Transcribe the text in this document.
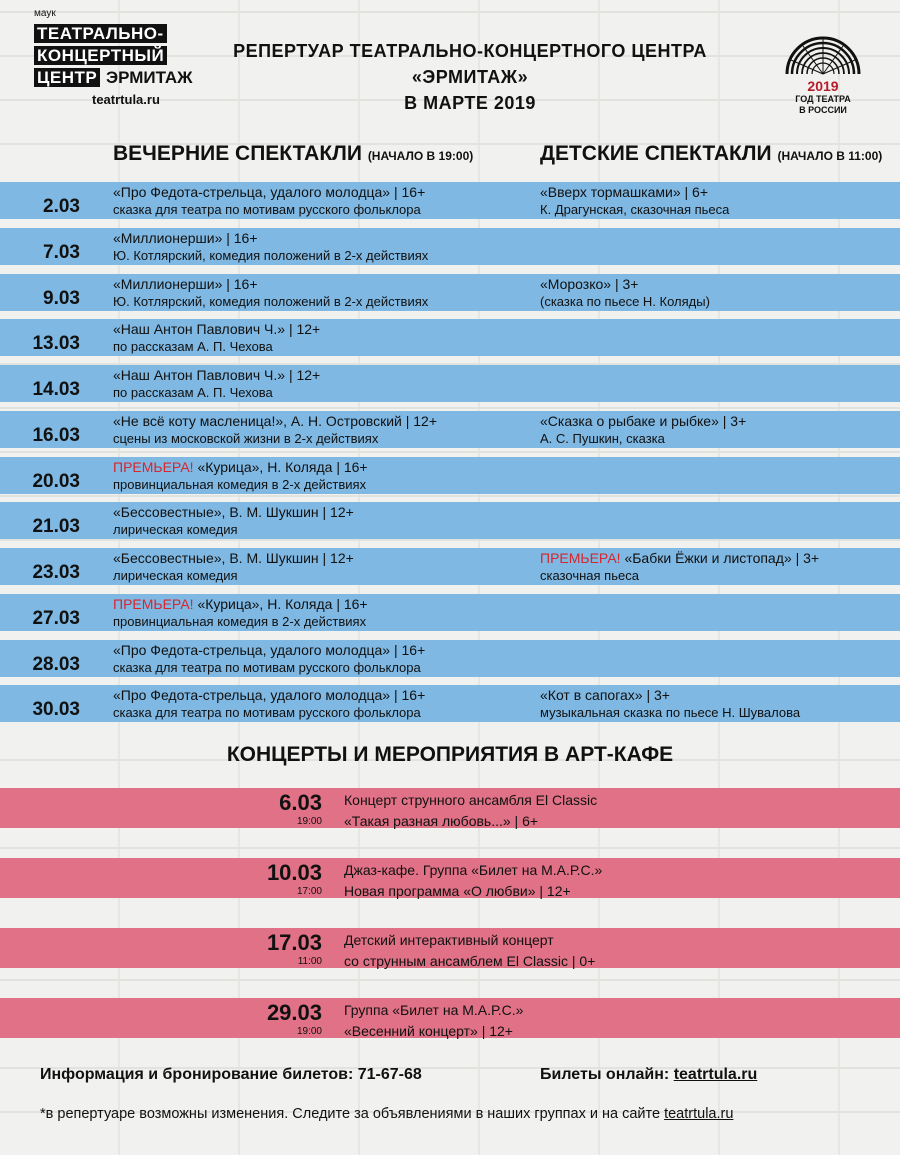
маук
ТЕАТРАЛЬНО-
КОНЦЕРТНЫЙ
ЦЕНТР ЭРМИТАЖ
teatrtula.ru
РЕПЕРТУАР ТЕАТРАЛЬНО-КОНЦЕРТНОГО ЦЕНТРА «ЭРМИТАЖ»
В МАРТЕ 2019
2019
ГОД ТЕАТРА
В РОССИИ
ВЕЧЕРНИЕ СПЕКТАКЛИ (НАЧАЛО В 19:00)	ДЕТСКИЕ СПЕКТАКЛИ (НАЧАЛО В 11:00)
2.03
«Про Федота-стрельца, удалого молодца» | 16+
сказка для театра по мотивам русского фольклора
«Вверх тормашками» | 6+
К. Драгунская, сказочная пьеса
7.03
«Миллионерши» | 16+
Ю. Котлярский, комедия положений в 2-х действиях
9.03
«Миллионерши» | 16+
Ю. Котлярский, комедия положений в 2-х действиях
«Морозко» | 3+
(сказка по пьесе Н. Коляды)
13.03
«Наш Антон Павлович Ч.» | 12+
по рассказам А. П. Чехова
14.03
«Наш Антон Павлович Ч.» | 12+
по рассказам А. П. Чехова
16.03
«Не всё коту масленица!», А. Н. Островский | 12+
сцены из московской жизни в 2-х действиях
«Сказка о рыбаке и рыбке» | 3+
А. С. Пушкин, сказка
20.03
ПРЕМЬЕРА! «Курица», Н. Коляда | 16+
провинциальная комедия в 2-х действиях
21.03
«Бессовестные», В. М. Шукшин | 12+
лирическая комедия
23.03
«Бессовестные», В. М. Шукшин | 12+
лирическая комедия
ПРЕМЬЕРА! «Бабки Ёжки и листопад» | 3+
сказочная пьеса
27.03
ПРЕМЬЕРА! «Курица», Н. Коляда | 16+
провинциальная комедия в 2-х действиях
28.03
«Про Федота-стрельца, удалого молодца» | 16+
сказка для театра по мотивам русского фольклора
30.03
«Про Федота-стрельца, удалого молодца» | 16+
сказка для театра по мотивам русского фольклора
«Кот в сапогах» | 3+
музыкальная сказка по пьесе Н. Шувалова
КОНЦЕРТЫ И МЕРОПРИЯТИЯ В АРТ-КАФЕ
6.03
19:00
Концерт струнного ансамбля El Classic
«Такая разная любовь...» | 6+
10.03
17:00
Джаз-кафе. Группа «Билет на М.А.Р.С.»
Новая программа «О любви» | 12+
17.03
11:00
Детский интерактивный концерт
со струнным ансамблем El Classic | 0+
29.03
19:00
Группа «Билет на М.А.Р.С.»
«Весенний концерт» | 12+
Информация и бронирование билетов: 71-67-68	Билеты онлайн: teatrtula.ru
*в репертуаре возможны изменения. Следите за объявлениями в наших группах и на сайте teatrtula.ru
